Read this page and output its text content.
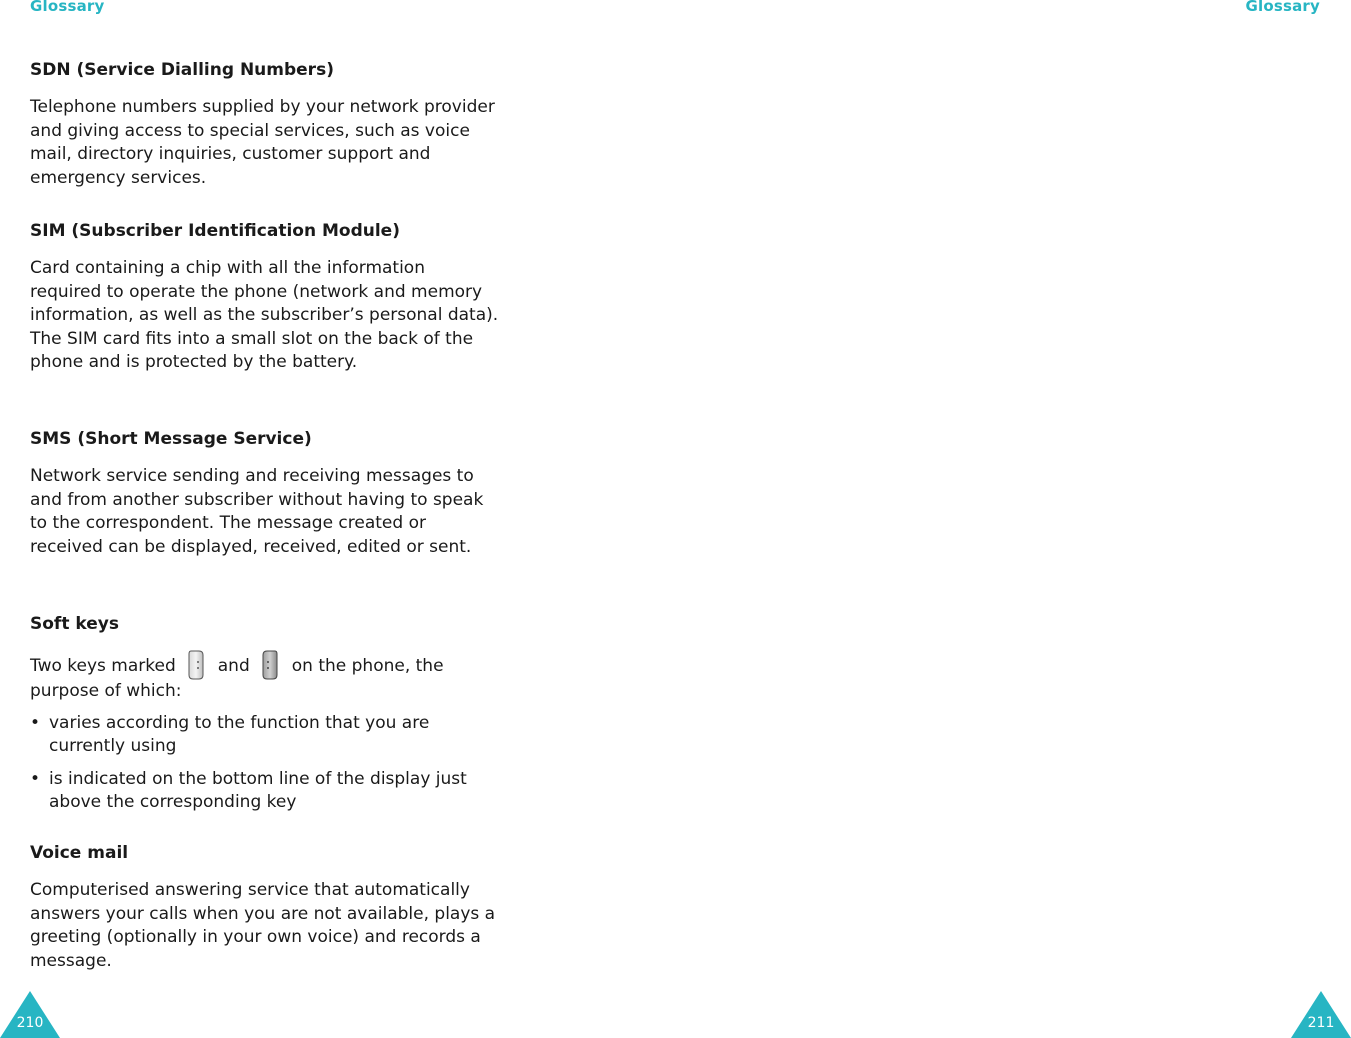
Glossary	Glossary
SDN (Service Dialling Numbers)

Telephone numbers supplied by your network provider and giving access to special services, such as voice mail, directory inquiries, customer support and emergency services.

SIM (Subscriber Identification Module)

Card containing a chip with all the information required to operate the phone (network and memory information, as well as the subscriber’s personal data). The SIM card fits into a small slot on the back of the phone and is protected by the battery.

SMS (Short Message Service)

Network service sending and receiving messages to and from another subscriber without having to speak to the correspondent. The message created or received can be displayed, received, edited or sent.

Soft keys

Two keys marked and on the phone, the purpose of which:

• varies according to the function that you are currently using
• is indicated on the bottom line of the display just above the corresponding key
Voice mail

Computerised answering service that automatically answers your calls when you are not available, plays a greeting (optionally in your own voice) and records a message.

210	211
